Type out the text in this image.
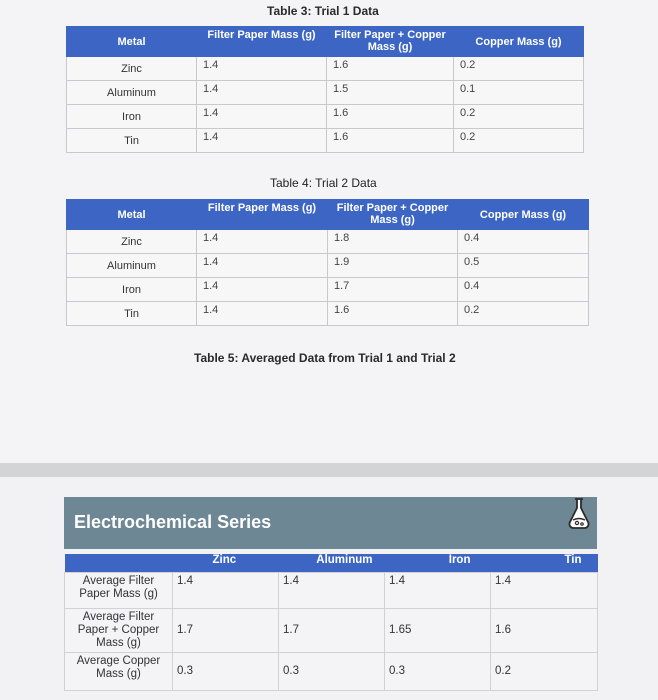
Table 3: Trial 1 Data
Metal	Filter Paper Mass (g)	Filter Paper + Copper Mass (g)	Copper Mass (g)
Zinc	1.4	1.6	0.2
Aluminum	1.4	1.5	0.1
Iron	1.4	1.6	0.2
Tin	1.4	1.6	0.2
Table 4: Trial 2 Data
Metal	Filter Paper Mass (g)	Filter Paper + Copper Mass (g)	Copper Mass (g)
Zinc	1.4	1.8	0.4
Aluminum	1.4	1.9	0.5
Iron	1.4	1.7	0.4
Tin	1.4	1.6	0.2
Table 5: Averaged Data from Trial 1 and Trial 2
Electrochemical Series
	Zinc	Aluminum	Iron	Tin
Average Filter Paper Mass (g)	1.4	1.4	1.4	1.4
Average Filter Paper + Copper Mass (g)	1.7	1.7	1.65	1.6
Average Copper Mass (g)	0.3	0.3	0.3	0.2
